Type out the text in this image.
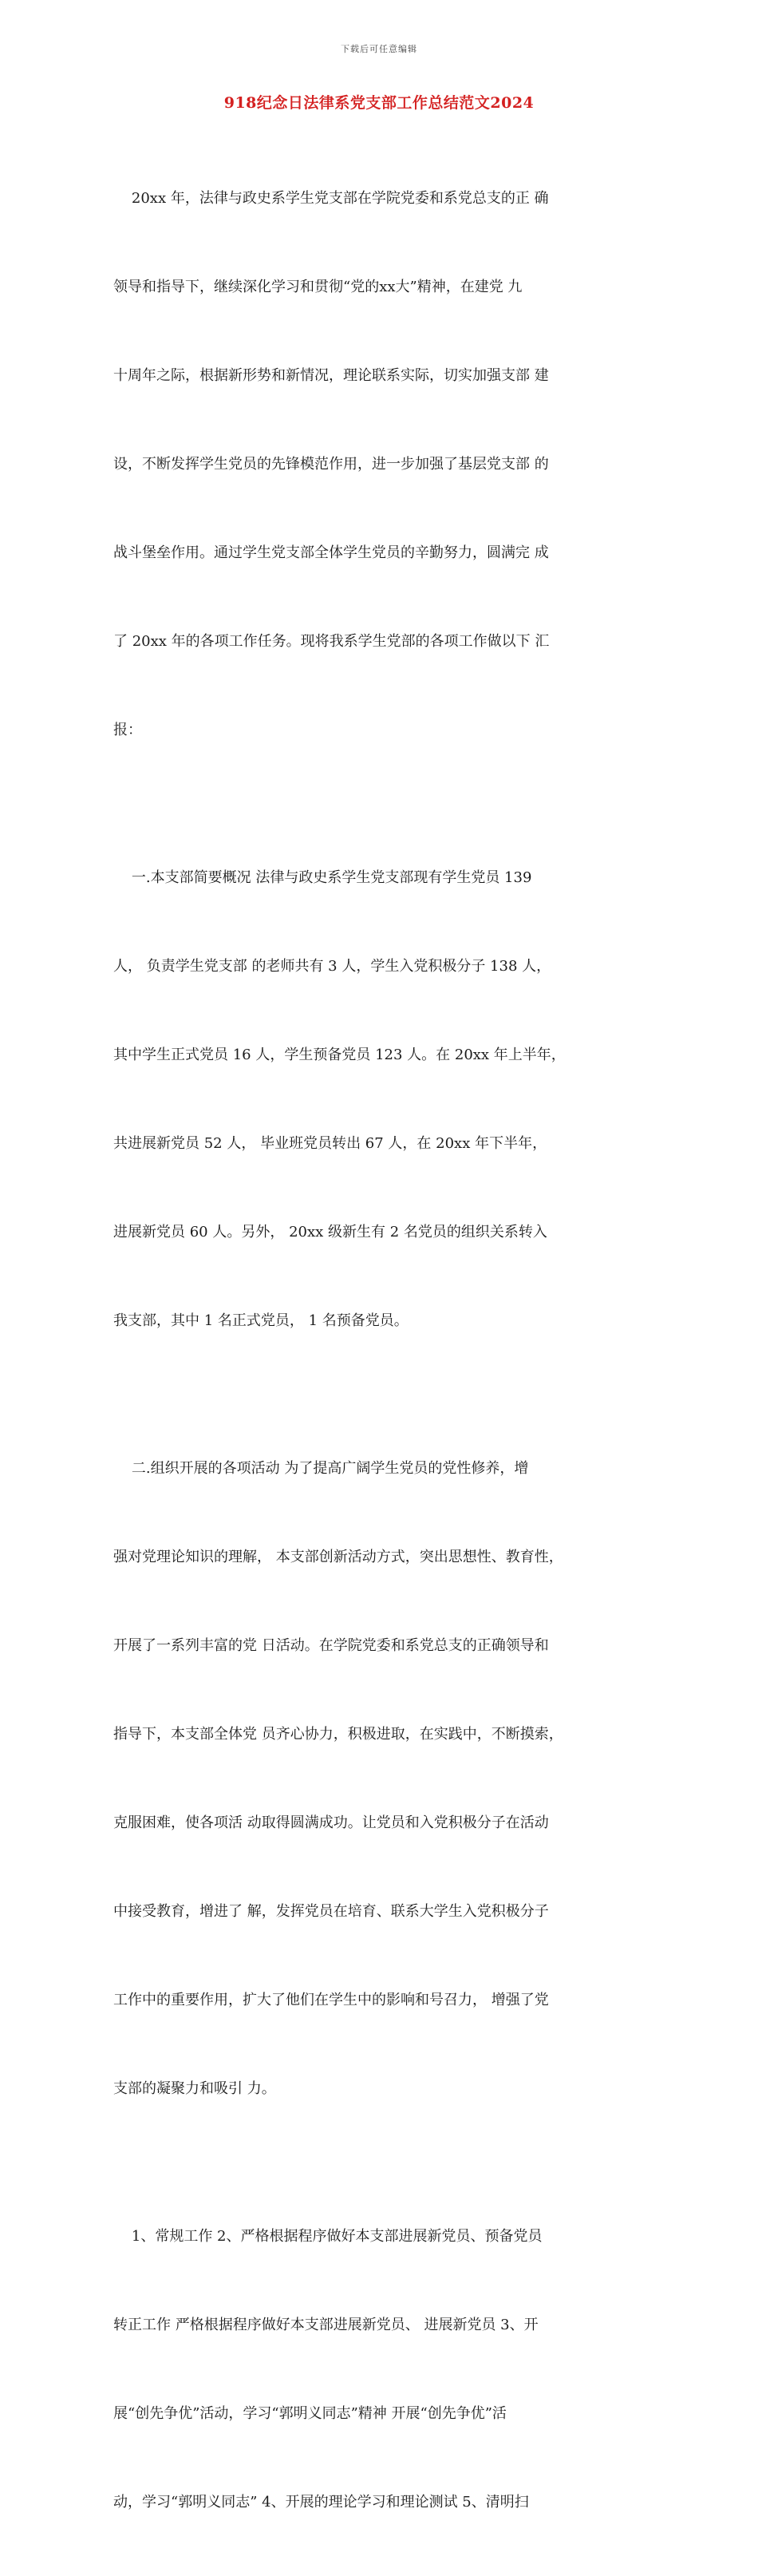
下载后可任意编辑
918纪念日法律系党支部工作总结范文2024

20xx 年，法律与政史系学生党支部在学院党委和系党总支的正 确

领导和指导下，继续深化学习和贯彻“党的xx大”精神，在建党 九

十周年之际，根据新形势和新情况，理论联系实际，切实加强支部 建

设，不断发挥学生党员的先锋模范作用，进一步加强了基层党支部 的

战斗堡垒作用。通过学生党支部全体学生党员的辛勤努力，圆满完 成

了 20xx 年的各项工作任务。现将我系学生党部的各项工作做以下 汇

报：

一.本支部简要概况 法律与政史系学生党支部现有学生党员 139

人， 负责学生党支部 的老师共有 3 人，学生入党积极分子 138 人，

其中学生正式党员 16 人，学生预备党员 123 人。在 20xx 年上半年，

共进展新党员 52 人， 毕业班党员转出 67 人，在 20xx 年下半年，

进展新党员 60 人。另外， 20xx 级新生有 2 名党员的组织关系转入

我支部，其中 1 名正式党员， 1 名预备党员。

二.组织开展的各项活动 为了提高广阔学生党员的党性修养，增

强对党理论知识的理解， 本支部创新活动方式，突出思想性、教育性，

开展了一系列丰富的党 日活动。在学院党委和系党总支的正确领导和

指导下，本支部全体党 员齐心协力，积极进取，在实践中，不断摸索，

克服困难，使各项活 动取得圆满成功。让党员和入党积极分子在活动

中接受教育，增进了 解，发挥党员在培育、联系大学生入党积极分子

工作中的重要作用，扩大了他们在学生中的影响和号召力， 增强了党

支部的凝聚力和吸引 力。

1、常规工作 2、严格根据程序做好本支部进展新党员、预备党员

转正工作 严格根据程序做好本支部进展新党员、 进展新党员 3、开

展“创先争优”活动，学习“郭明义同志”精神 开展“创先争优”活

动，学习“郭明义同志” 4、开展的理论学习和理论测试 5、清明扫
